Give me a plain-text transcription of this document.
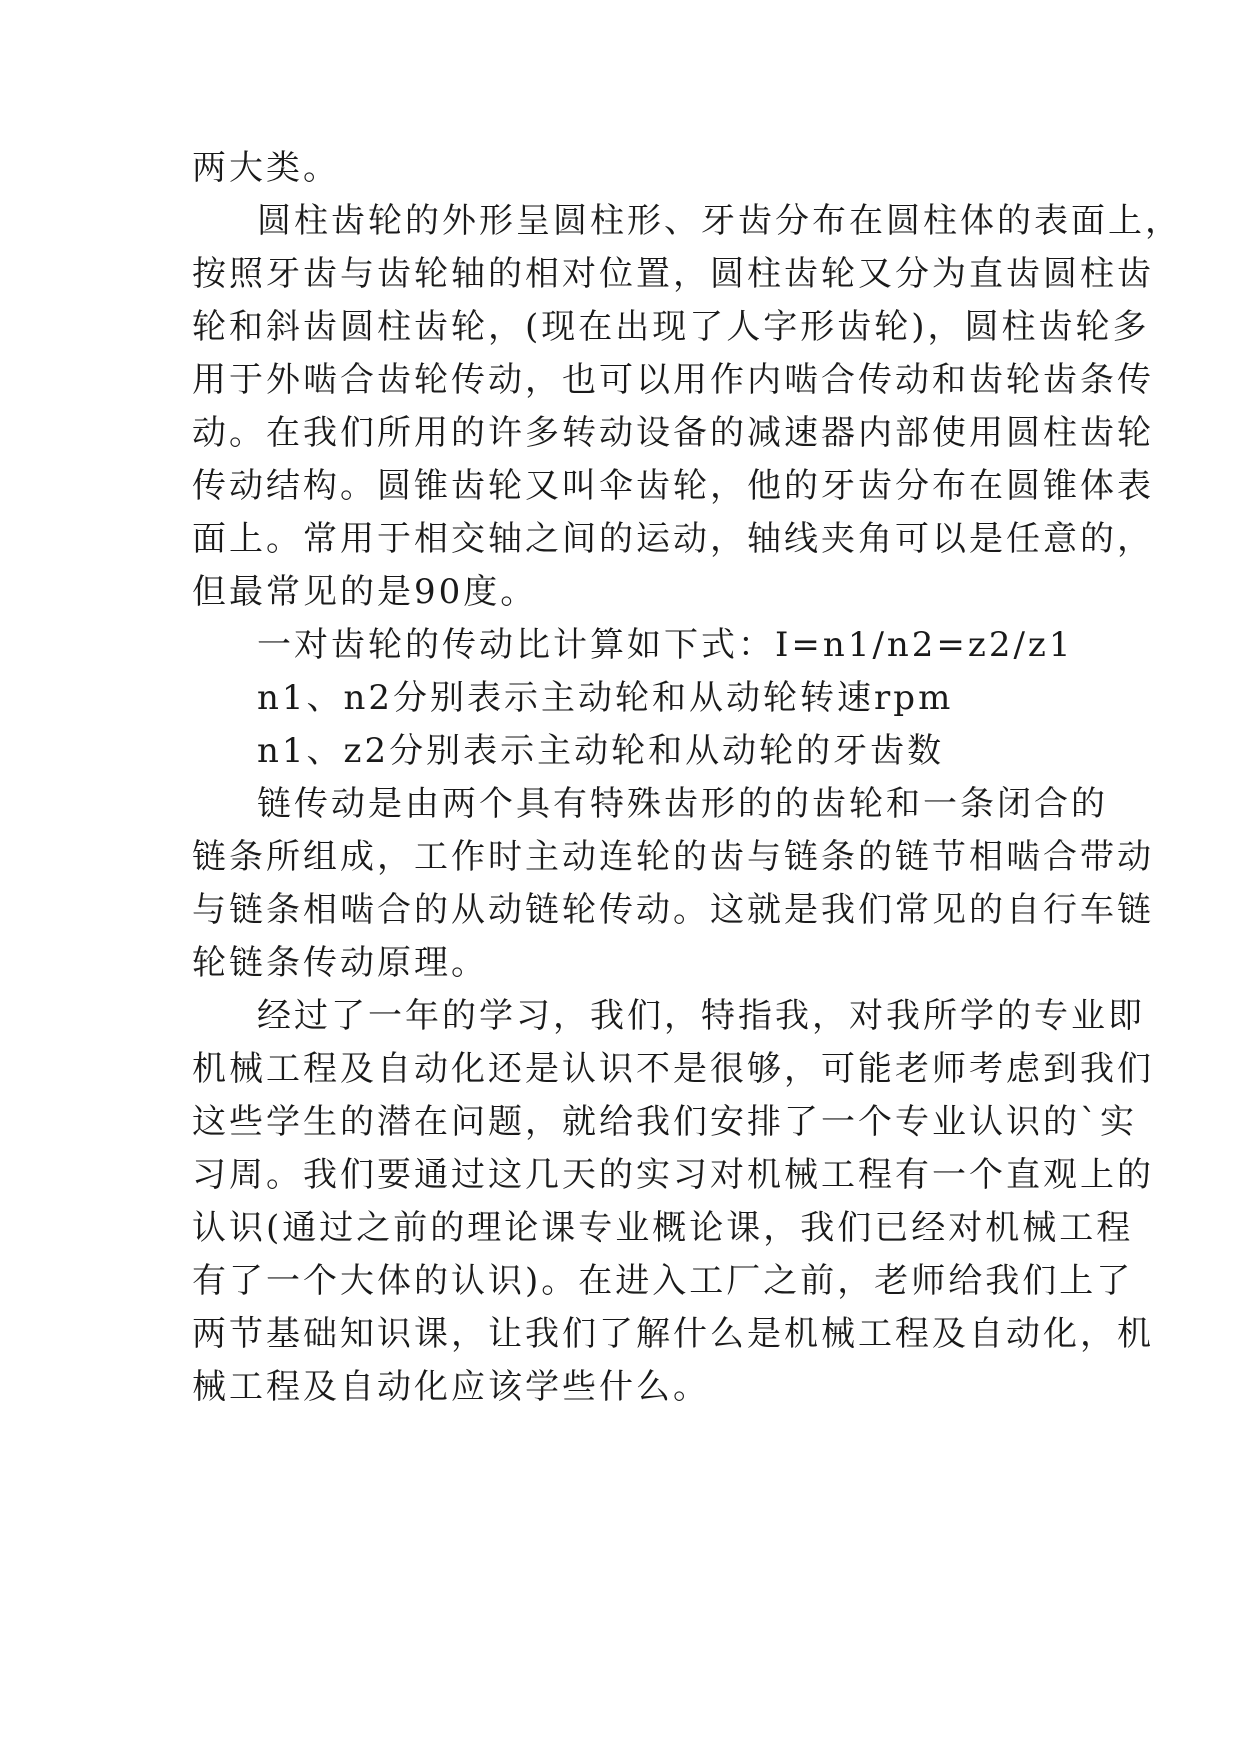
两大类。
圆柱齿轮的外形呈圆柱形、牙齿分布在圆柱体的表面上，
按照牙齿与齿轮轴的相对位置，圆柱齿轮又分为直齿圆柱齿
轮和斜齿圆柱齿轮，(现在出现了人字形齿轮)，圆柱齿轮多
用于外啮合齿轮传动，也可以用作内啮合传动和齿轮齿条传
动。在我们所用的许多转动设备的减速器内部使用圆柱齿轮
传动结构。圆锥齿轮又叫伞齿轮，他的牙齿分布在圆锥体表
面上。常用于相交轴之间的运动，轴线夹角可以是任意的，
但最常见的是90度。
一对齿轮的传动比计算如下式：I=n1/n2=z2/z1
n1、n2分别表示主动轮和从动轮转速rpm
n1、z2分别表示主动轮和从动轮的牙齿数
链传动是由两个具有特殊齿形的的齿轮和一条闭合的
链条所组成，工作时主动连轮的齿与链条的链节相啮合带动
与链条相啮合的从动链轮传动。这就是我们常见的自行车链
轮链条传动原理。
经过了一年的学习，我们，特指我，对我所学的专业即
机械工程及自动化还是认识不是很够，可能老师考虑到我们
这些学生的潜在问题，就给我们安排了一个专业认识的`实
习周。我们要通过这几天的实习对机械工程有一个直观上的
认识(通过之前的理论课专业概论课，我们已经对机械工程
有了一个大体的认识)。在进入工厂之前，老师给我们上了
两节基础知识课，让我们了解什么是机械工程及自动化，机
械工程及自动化应该学些什么。
